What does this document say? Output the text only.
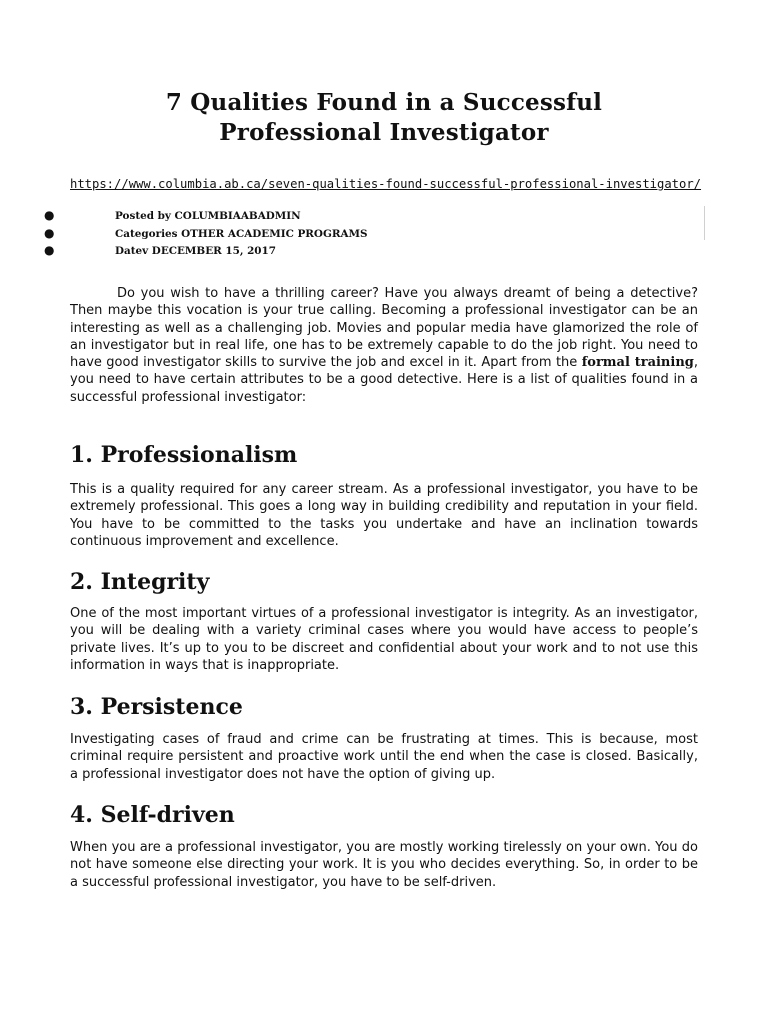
7 Qualities Found in a Successful
Professional Investigator

https://www.columbia.ab.ca/seven-qualities-found-successful-professional-investigator/

●	Posted by COLUMBIAABADMIN
●	Categories OTHER ACADEMIC PROGRAMS
●	Datev DECEMBER 15, 2017

Do you wish to have a thrilling career? Have you always dreamt of being a detective? Then maybe this vocation is your true calling. Becoming a professional investigator can be an interesting as well as a challenging job. Movies and popular media have glamorized the role of an investigator but in real life, one has to be extremely capable to do the job right. You need to have good investigator skills to survive the job and excel in it. Apart from the formal training, you need to have certain attributes to be a good detective. Here is a list of qualities found in a successful professional investigator:

1. Professionalism

This is a quality required for any career stream. As a professional investigator, you have to be extremely professional. This goes a long way in building credibility and reputation in your field. You have to be committed to the tasks you undertake and have an inclination towards continuous improvement and excellence.

2. Integrity

One of the most important virtues of a professional investigator is integrity. As an investigator, you will be dealing with a variety criminal cases where you would have access to people’s private lives. It’s up to you to be discreet and confidential about your work and to not use this information in ways that is inappropriate.

3. Persistence

Investigating cases of fraud and crime can be frustrating at times. This is because, most criminal require persistent and proactive work until the end when the case is closed. Basically, a professional investigator does not have the option of giving up.

4. Self-driven

When you are a professional investigator, you are mostly working tirelessly on your own. You do not have someone else directing your work. It is you who decides everything. So, in order to be a successful professional investigator, you have to be self-driven.
